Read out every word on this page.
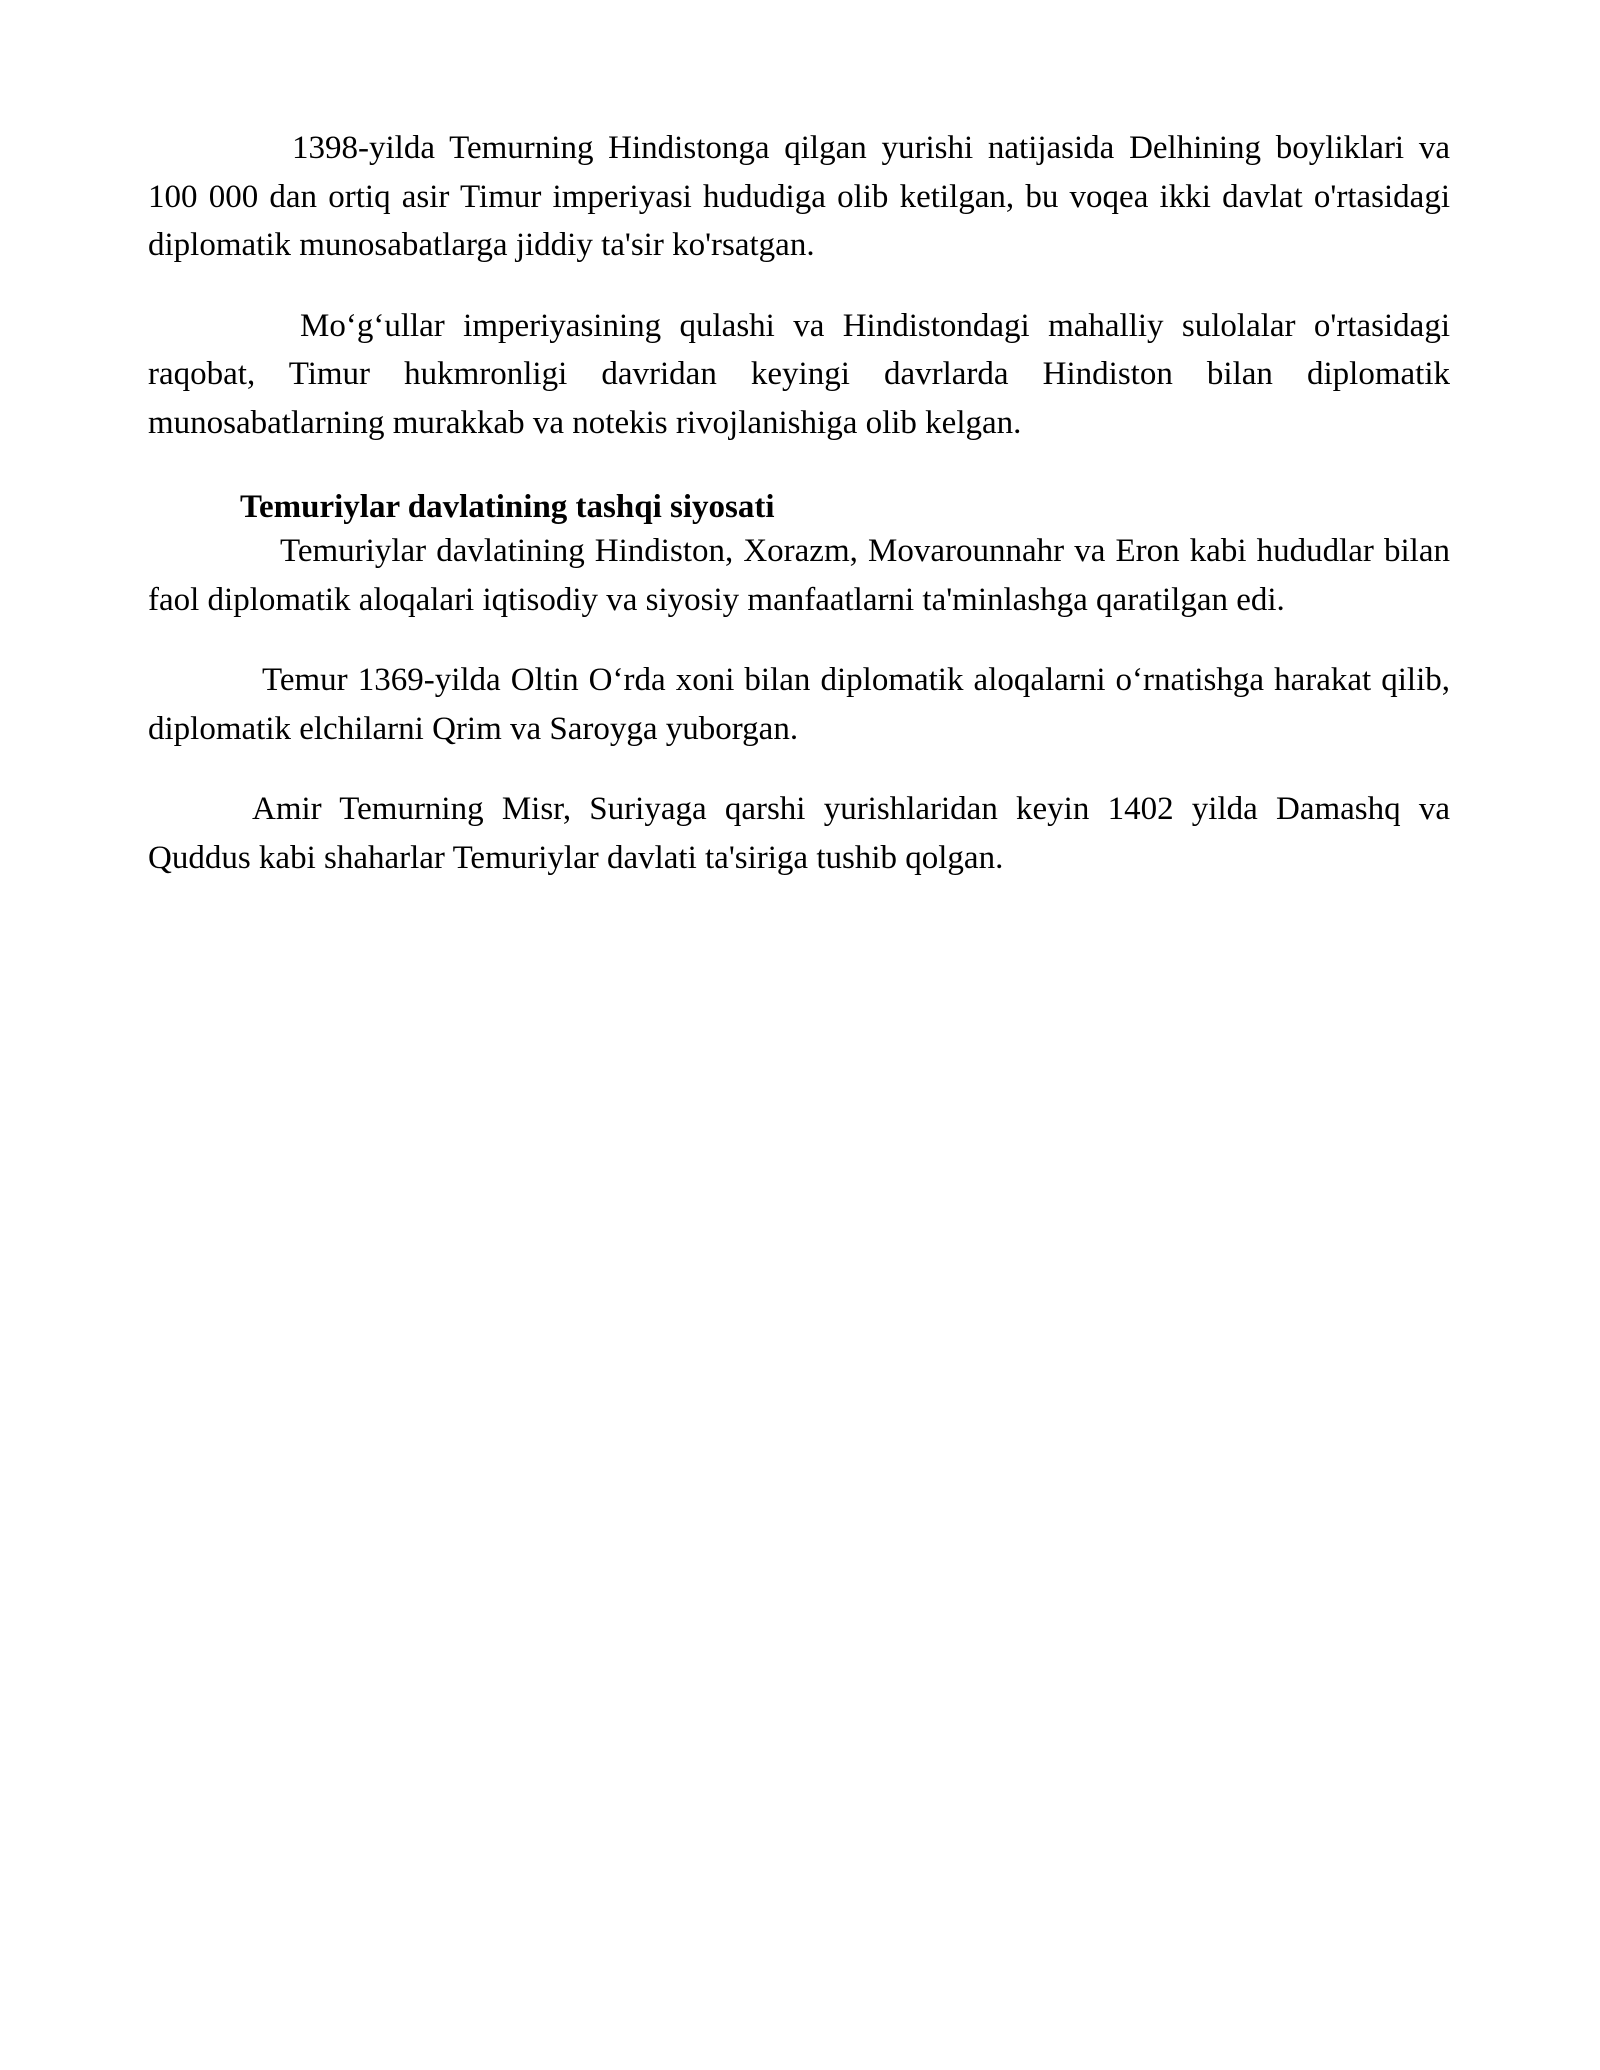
1398-yilda Temurning Hindistonga qilgan yurishi natijasida Delhining boyliklari va 100 000 dan ortiq asir Timur imperiyasi hududiga olib ketilgan, bu voqea ikki davlat o'rtasidagi diplomatik munosabatlarga jiddiy ta'sir ko'rsatgan.

Mo‘g‘ullar imperiyasining qulashi va Hindistondagi mahalliy sulolalar o'rtasidagi raqobat, Timur hukmronligi davridan keyingi davrlarda Hindiston bilan diplomatik munosabatlarning murakkab va notekis rivojlanishiga olib kelgan.

Temuriylar davlatining tashqi siyosati

Temuriylar davlatining Hindiston, Xorazm, Movarounnahr va Eron kabi hududlar bilan faol diplomatik aloqalari iqtisodiy va siyosiy manfaatlarni ta'minlashga qaratilgan edi.

Temur 1369-yilda Oltin O‘rda xoni bilan diplomatik aloqalarni o‘rnatishga harakat qilib, diplomatik elchilarni Qrim va Saroyga yuborgan.

Amir Temurning Misr, Suriyaga qarshi yurishlaridan keyin 1402 yilda Damashq va Quddus kabi shaharlar Temuriylar davlati ta'siriga tushib qolgan.
